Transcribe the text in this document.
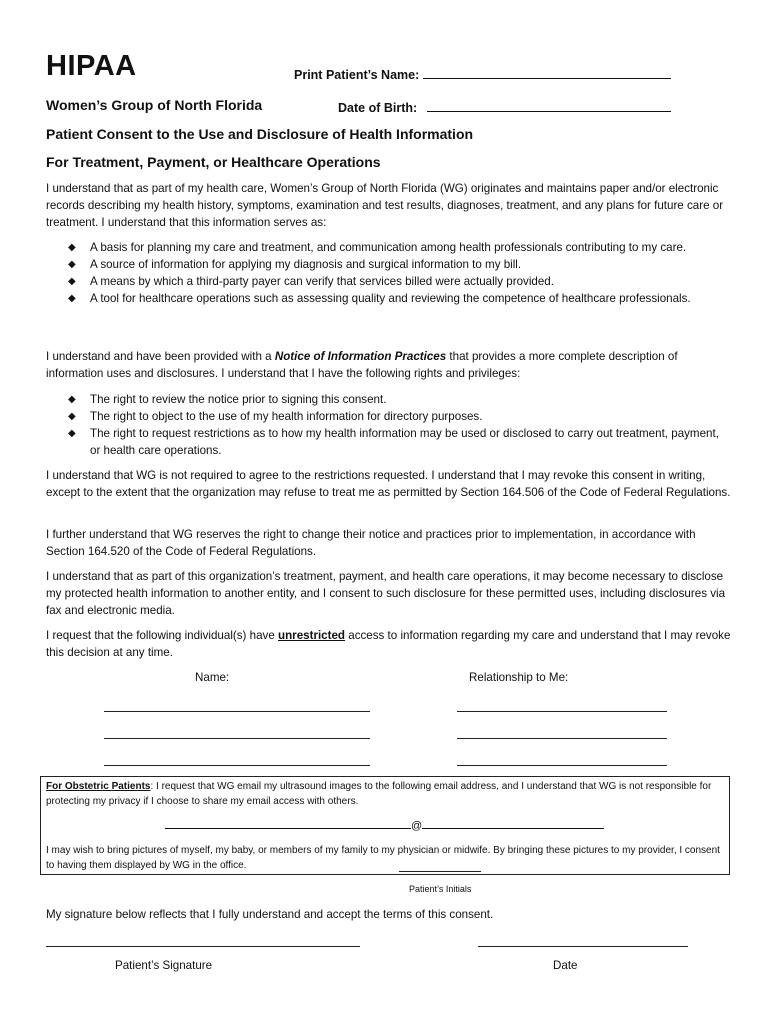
HIPAA	Print Patient’s Name:
Women’s Group of North Florida	Date of Birth:
Patient Consent to the Use and Disclosure of Health Information
For Treatment, Payment, or Healthcare Operations
I understand that as part of my health care, Women’s Group of North Florida (WG) originates and maintains paper and/or electronic records describing my health history, symptoms, examination and test results, diagnoses, treatment, and any plans for future care or treatment. I understand that this information serves as:
◆ A basis for planning my care and treatment, and communication among health professionals contributing to my care.
◆ A source of information for applying my diagnosis and surgical information to my bill.
◆ A means by which a third-party payer can verify that services billed were actually provided.
◆ A tool for healthcare operations such as assessing quality and reviewing the competence of healthcare professionals.
I understand and have been provided with a Notice of Information Practices that provides a more complete description of information uses and disclosures. I understand that I have the following rights and privileges:
◆ The right to review the notice prior to signing this consent.
◆ The right to object to the use of my health information for directory purposes.
◆ The right to request restrictions as to how my health information may be used or disclosed to carry out treatment, payment, or health care operations.
I understand that WG is not required to agree to the restrictions requested. I understand that I may revoke this consent in writing, except to the extent that the organization may refuse to treat me as permitted by Section 164.506 of the Code of Federal Regulations.
I further understand that WG reserves the right to change their notice and practices prior to implementation, in accordance with Section 164.520 of the Code of Federal Regulations.
I understand that as part of this organization’s treatment, payment, and health care operations, it may become necessary to disclose my protected health information to another entity, and I consent to such disclosure for these permitted uses, including disclosures via fax and electronic media.
I request that the following individual(s) have unrestricted access to information regarding my care and understand that I may revoke this decision at any time.
Name:	Relationship to Me:
For Obstetric Patients: I request that WG email my ultrasound images to the following email address, and I understand that WG is not responsible for protecting my privacy if I choose to share my email access with others.
@
I may wish to bring pictures of myself, my baby, or members of my family to my physician or midwife. By bringing these pictures to my provider, I consent to having them displayed by WG in the office.
Patient’s Initials
My signature below reflects that I fully understand and accept the terms of this consent.
Patient’s Signature	Date
